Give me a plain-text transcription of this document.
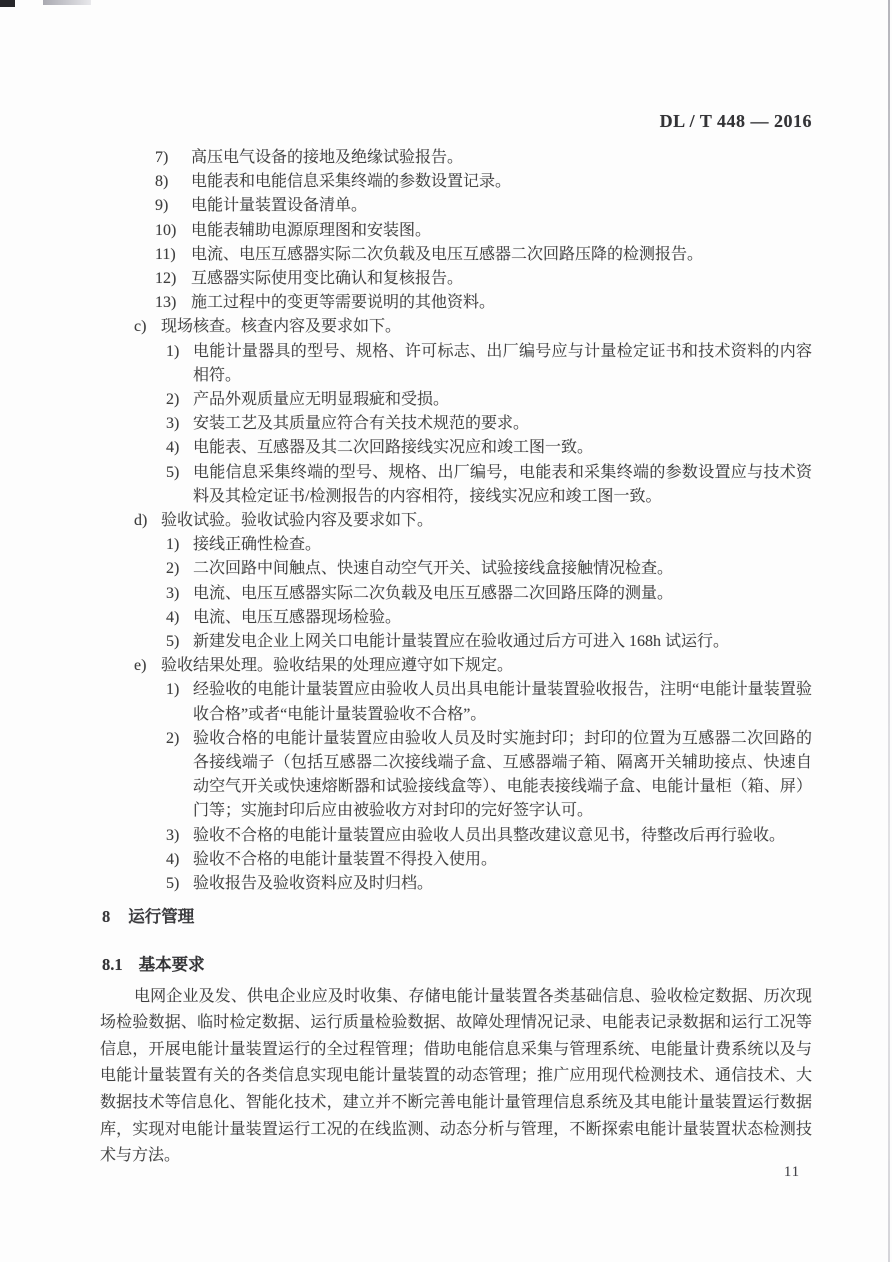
DL / T 448 — 2016
7)	高压电气设备的接地及绝缘试验报告。
8)	电能表和电能信息采集终端的参数设置记录。
9)	电能计量装置设备清单。
10) 电能表辅助电源原理图和安装图。
11) 电流、电压互感器实际二次负载及电压互感器二次回路压降的检测报告。
12) 互感器实际使用变比确认和复核报告。
13) 施工过程中的变更等需要说明的其他资料。
c) 现场核查。核查内容及要求如下。
1) 电能计量器具的型号、规格、许可标志、出厂编号应与计量检定证书和技术资料的内容相符。
2) 产品外观质量应无明显瑕疵和受损。
3) 安装工艺及其质量应符合有关技术规范的要求。
4) 电能表、互感器及其二次回路接线实况应和竣工图一致。
5) 电能信息采集终端的型号、规格、出厂编号，电能表和采集终端的参数设置应与技术资料及其检定证书/检测报告的内容相符，接线实况应和竣工图一致。
d) 验收试验。验收试验内容及要求如下。
1) 接线正确性检查。
2) 二次回路中间触点、快速自动空气开关、试验接线盒接触情况检查。
3) 电流、电压互感器实际二次负载及电压互感器二次回路压降的测量。
4) 电流、电压互感器现场检验。
5) 新建发电企业上网关口电能计量装置应在验收通过后方可进入 168h 试运行。
e) 验收结果处理。验收结果的处理应遵守如下规定。
1) 经验收的电能计量装置应由验收人员出具电能计量装置验收报告，注明“电能计量装置验收合格”或者“电能计量装置验收不合格”。
2) 验收合格的电能计量装置应由验收人员及时实施封印；封印的位置为互感器二次回路的各接线端子（包括互感器二次接线端子盒、互感器端子箱、隔离开关辅助接点、快速自动空气开关或快速熔断器和试验接线盒等）、电能表接线端子盒、电能计量柜（箱、屏）门等；实施封印后应由被验收方对封印的完好签字认可。
3) 验收不合格的电能计量装置应由验收人员出具整改建议意见书，待整改后再行验收。
4) 验收不合格的电能计量装置不得投入使用。
5) 验收报告及验收资料应及时归档。
8 运行管理
8.1 基本要求
电网企业及发、供电企业应及时收集、存储电能计量装置各类基础信息、验收检定数据、历次现场检验数据、临时检定数据、运行质量检验数据、故障处理情况记录、电能表记录数据和运行工况等信息，开展电能计量装置运行的全过程管理；借助电能信息采集与管理系统、电能量计费系统以及与电能计量装置有关的各类信息实现电能计量装置的动态管理；推广应用现代检测技术、通信技术、大数据技术等信息化、智能化技术，建立并不断完善电能计量管理信息系统及其电能计量装置运行数据库，实现对电能计量装置运行工况的在线监测、动态分析与管理，不断探索电能计量装置状态检测技术与方法。
11
